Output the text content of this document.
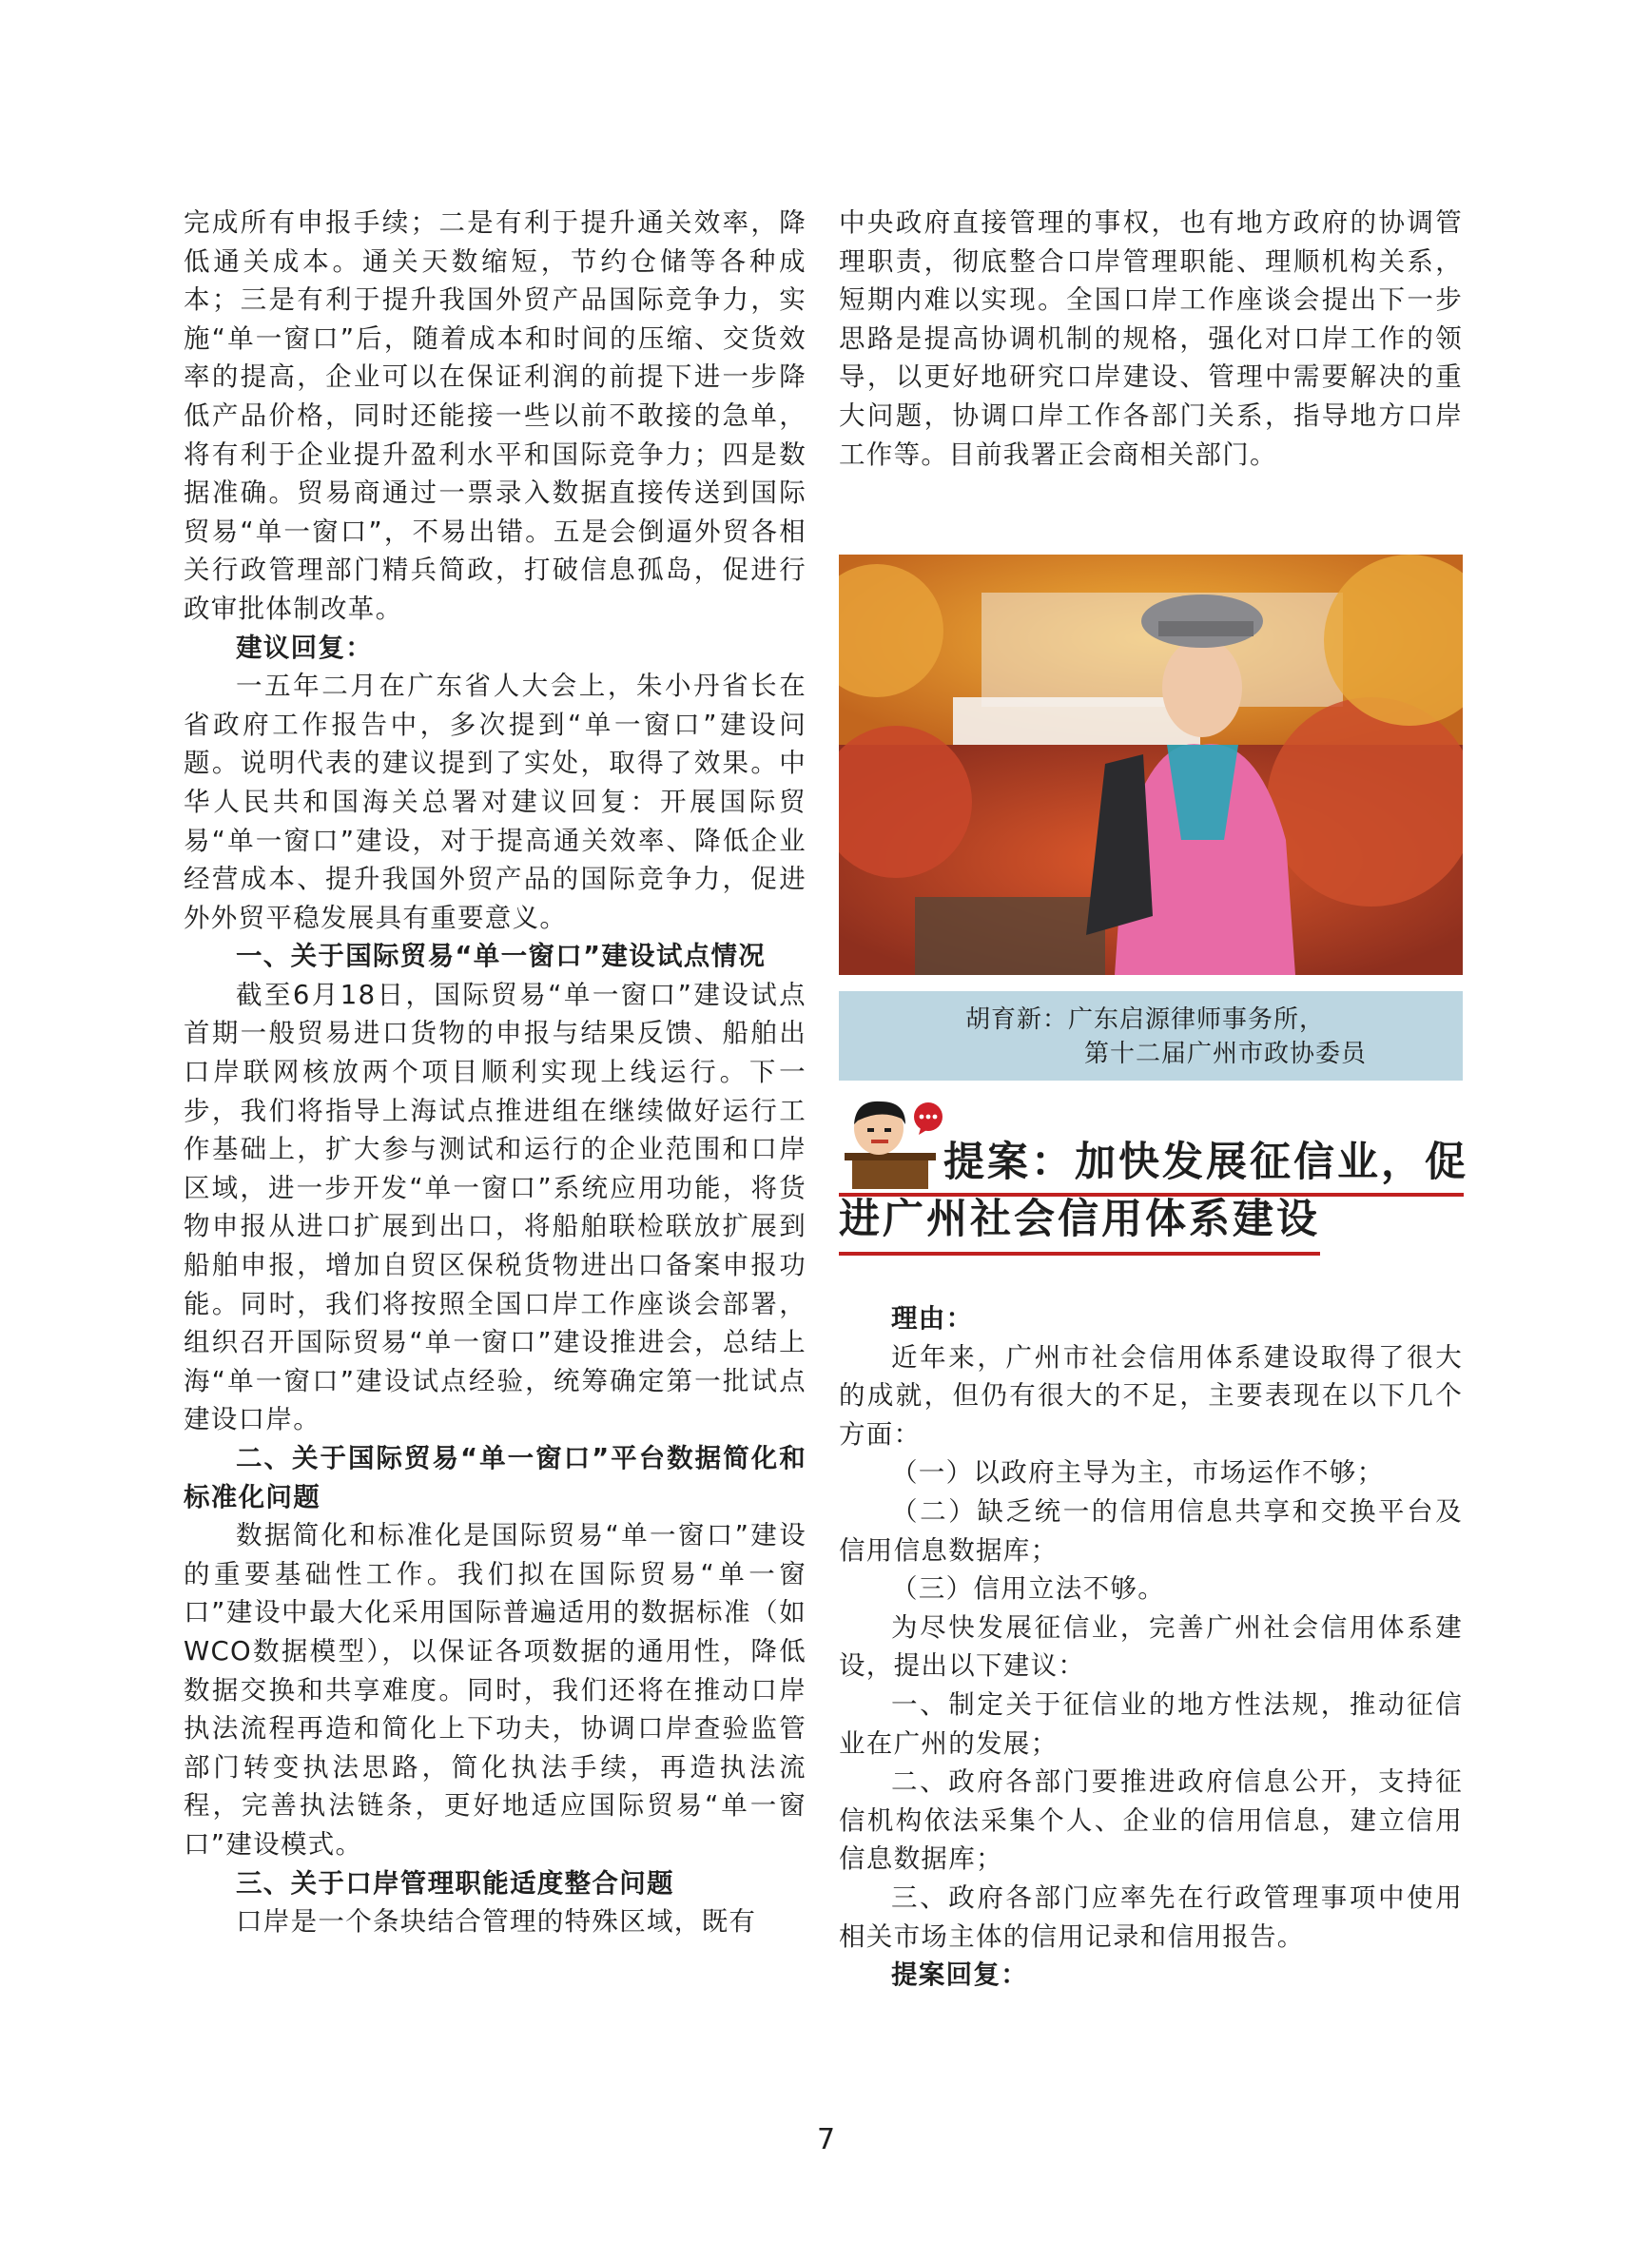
完成所有申报手续；二是有利于提升通关效率，降低通关成本。通关天数缩短，节约仓储等各种成本；三是有利于提升我国外贸产品国际竞争力，实施“单一窗口”后，随着成本和时间的压缩、交货效率的提高，企业可以在保证利润的前提下进一步降低产品价格，同时还能接一些以前不敢接的急单，将有利于企业提升盈利水平和国际竞争力；四是数据准确。贸易商通过一票录入数据直接传送到国际贸易“单一窗口”，不易出错。五是会倒逼外贸各相关行政管理部门精兵简政，打破信息孤岛，促进行政审批体制改革。

建议回复：

一五年二月在广东省人大会上，朱小丹省长在省政府工作报告中，多次提到“单一窗口”建设问题。说明代表的建议提到了实处，取得了效果。中华人民共和国海关总署对建议回复：开展国际贸易“单一窗口”建设，对于提高通关效率、降低企业经营成本、提升我国外贸产品的国际竞争力，促进外外贸平稳发展具有重要意义。

一、关于国际贸易“单一窗口”建设试点情况

截至6月18日，国际贸易“单一窗口”建设试点首期一般贸易进口货物的申报与结果反馈、船舶出口岸联网核放两个项目顺利实现上线运行。下一步，我们将指导上海试点推进组在继续做好运行工作基础上，扩大参与测试和运行的企业范围和口岸区域，进一步开发“单一窗口”系统应用功能，将货物申报从进口扩展到出口，将船舶联检联放扩展到船舶申报，增加自贸区保税货物进出口备案申报功能。同时，我们将按照全国口岸工作座谈会部署，组织召开国际贸易“单一窗口”建设推进会，总结上海“单一窗口”建设试点经验，统筹确定第一批试点建设口岸。

二、关于国际贸易“单一窗口”平台数据简化和标准化问题

数据简化和标准化是国际贸易“单一窗口”建设的重要基础性工作。我们拟在国际贸易“单一窗口”建设中最大化采用国际普遍适用的数据标准（如WCO数据模型），以保证各项数据的通用性，降低数据交换和共享难度。同时，我们还将在推动口岸执法流程再造和简化上下功夫，协调口岸查验监管部门转变执法思路，简化执法手续，再造执法流程，完善执法链条，更好地适应国际贸易“单一窗口”建设模式。

三、关于口岸管理职能适度整合问题

口岸是一个条块结合管理的特殊区域，既有

中央政府直接管理的事权，也有地方政府的协调管理职责，彻底整合口岸管理职能、理顺机构关系，短期内难以实现。全国口岸工作座谈会提出下一步思路是提高协调机制的规格，强化对口岸工作的领导，以更好地研究口岸建设、管理中需要解决的重大问题，协调口岸工作各部门关系，指导地方口岸工作等。目前我署正会商相关部门。

胡育新：广东启源律师事务所，
第十二届广州市政协委员
提案：加快发展征信业，促
进广州社会信用体系建设

理由：

近年来，广州市社会信用体系建设取得了很大的成就，但仍有很大的不足，主要表现在以下几个方面：

（一）以政府主导为主，市场运作不够；

（二）缺乏统一的信用信息共享和交换平台及信用信息数据库；

（三）信用立法不够。

为尽快发展征信业，完善广州社会信用体系建设，提出以下建议：

一、制定关于征信业的地方性法规，推动征信业在广州的发展；

二、政府各部门要推进政府信息公开，支持征信机构依法采集个人、企业的信用信息，建立信用信息数据库；

三、政府各部门应率先在行政管理事项中使用相关市场主体的信用记录和信用报告。

提案回复：

7
